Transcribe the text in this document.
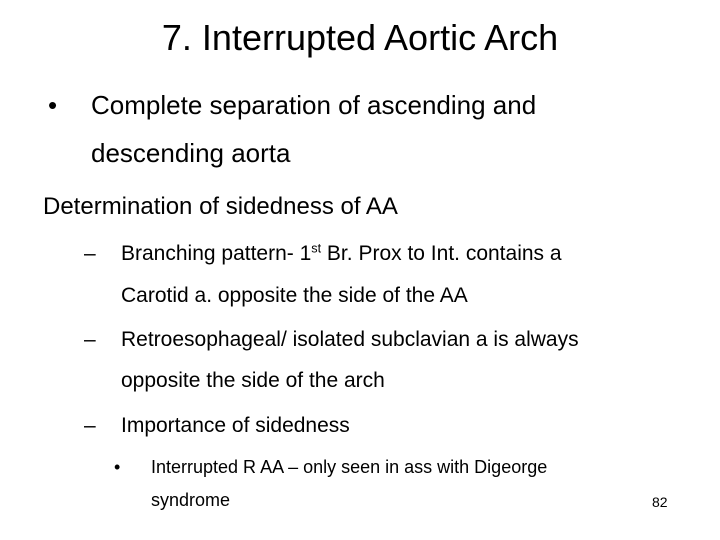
7. Interrupted Aortic Arch
• Complete separation of ascending and
descending aorta
Determination of sidedness of AA
– Branching pattern- 1st Br. Prox to Int. contains a
Carotid a. opposite the side of the AA
– Retroesophageal/ isolated subclavian a is always
opposite the side of the arch
– Importance of sidedness
• Interrupted R AA – only seen in ass with Digeorge
syndrome	82
